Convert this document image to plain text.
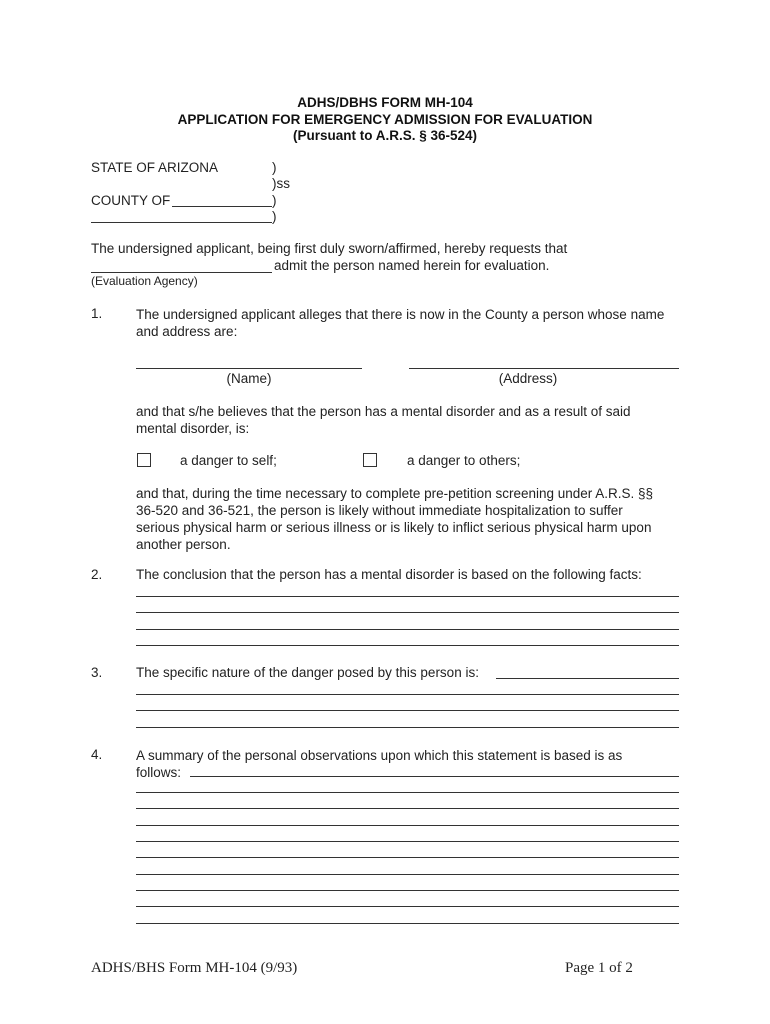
ADHS/DBHS FORM MH-104
APPLICATION FOR EMERGENCY ADMISSION FOR EVALUATION
(Pursuant to A.R.S. § 36-524)
STATE OF ARIZONA	)
)ss
COUNTY OF	)
)
The undersigned applicant, being first duly sworn/affirmed, hereby requests that
admit the person named herein for evaluation.
(Evaluation Agency)
1. The undersigned applicant alleges that there is now in the County a person whose name
and address are:
(Name)	(Address)
and that s/he believes that the person has a mental disorder and as a result of said
mental disorder, is:
a danger to self;	a danger to others;
and that, during the time necessary to complete pre-petition screening under A.R.S. §§
36-520 and 36-521, the person is likely without immediate hospitalization to suffer
serious physical harm or serious illness or is likely to inflict serious physical harm upon
another person.
2. The conclusion that the person has a mental disorder is based on the following facts:
3. The specific nature of the danger posed by this person is:
4. A summary of the personal observations upon which this statement is based is as
follows:
ADHS/BHS Form MH-104 (9/93)	Page 1 of 2
